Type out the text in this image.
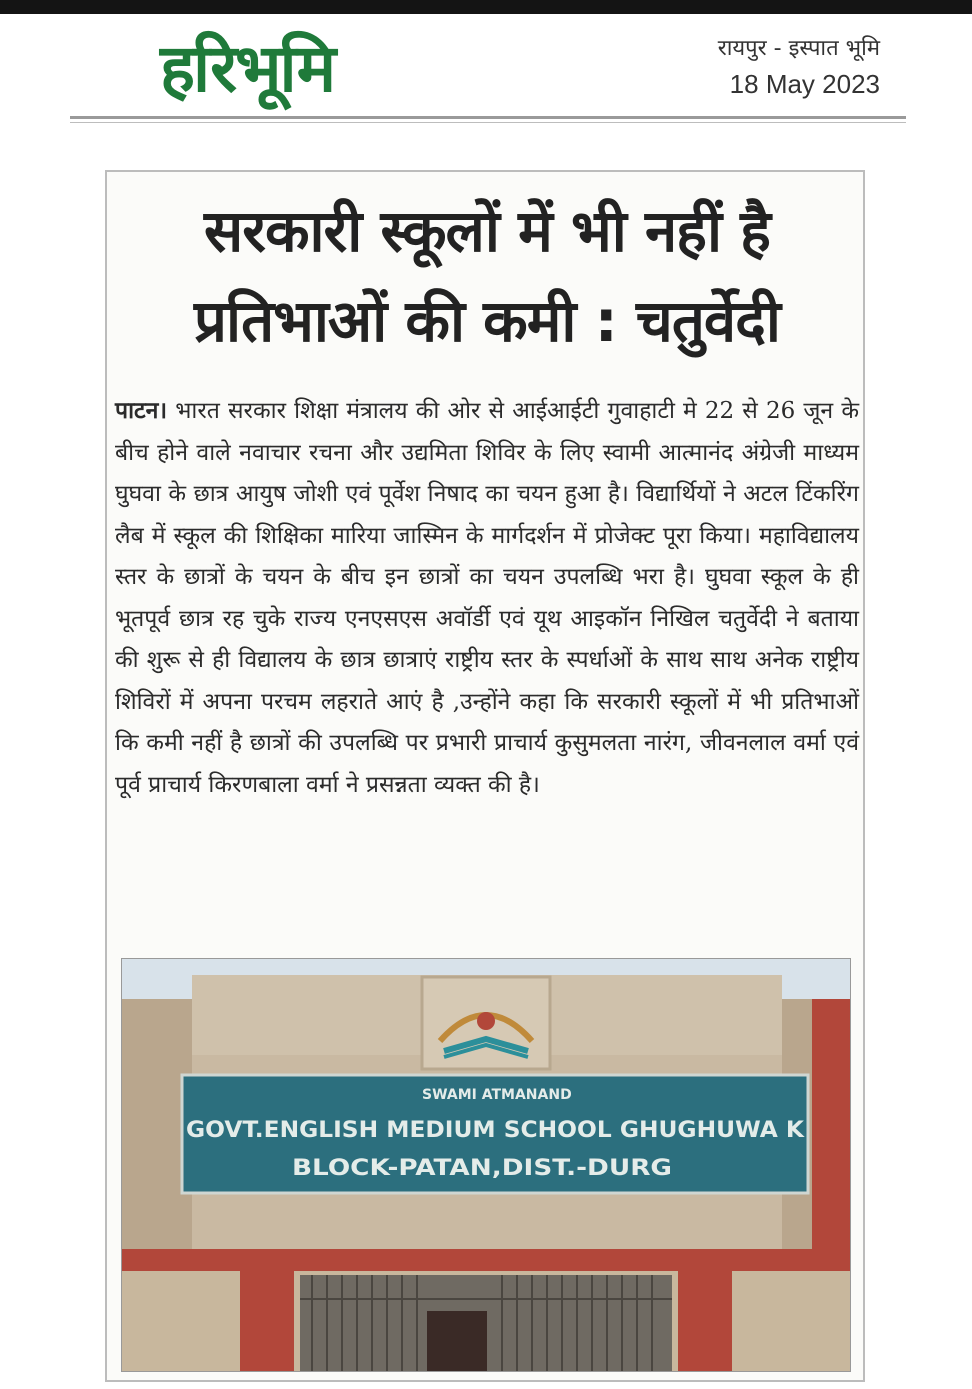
हरिभूमि	रायपुर - इस्पात भूमि
18 May 2023
सरकारी स्कूलों में भी नहीं है
प्रतिभाओं की कमी : चतुर्वेदी
पाटन। भारत सरकार शिक्षा मंत्रालय की ओर से आईआईटी गुवाहाटी मे 22 से 26 जून के बीच होने वाले नवाचार रचना और उद्यमिता शिविर के लिए स्वामी आत्मानंद अंग्रेजी माध्यम घुघवा के छात्र आयुष जोशी एवं पूर्वेश निषाद का चयन हुआ है। विद्यार्थियों ने अटल टिंकरिंग लैब में स्कूल की शिक्षिका मारिया जास्मिन के मार्गदर्शन में प्रोजेक्ट पूरा किया। महाविद्यालय स्तर के छात्रों के चयन के बीच इन छात्रों का चयन उपलब्धि भरा है। घुघवा स्कूल के ही भूतपूर्व छात्र रह चुके राज्य एनएसएस अवॉर्डी एवं यूथ आइकॉन निखिल चतुर्वेदी ने बताया की शुरू से ही विद्यालय के छात्र छात्राएं राष्ट्रीय स्तर के स्पर्धाओं के साथ साथ अनेक राष्ट्रीय शिविरों में अपना परचम लहराते आएं है ,उन्होंने कहा कि सरकारी स्कूलों में भी प्रतिभाओं कि कमी नहीं है छात्रों की उपलब्धि पर प्रभारी प्राचार्य कुसुमलता नारंग, जीवनलाल वर्मा एवं पूर्व प्राचार्य किरणबाला वर्मा ने प्रसन्नता व्यक्त की है।
SWAMI ATMANAND
GOVT.ENGLISH MEDIUM SCHOOL GHUGHUWA K
BLOCK-PATAN,DIST.-DURG
